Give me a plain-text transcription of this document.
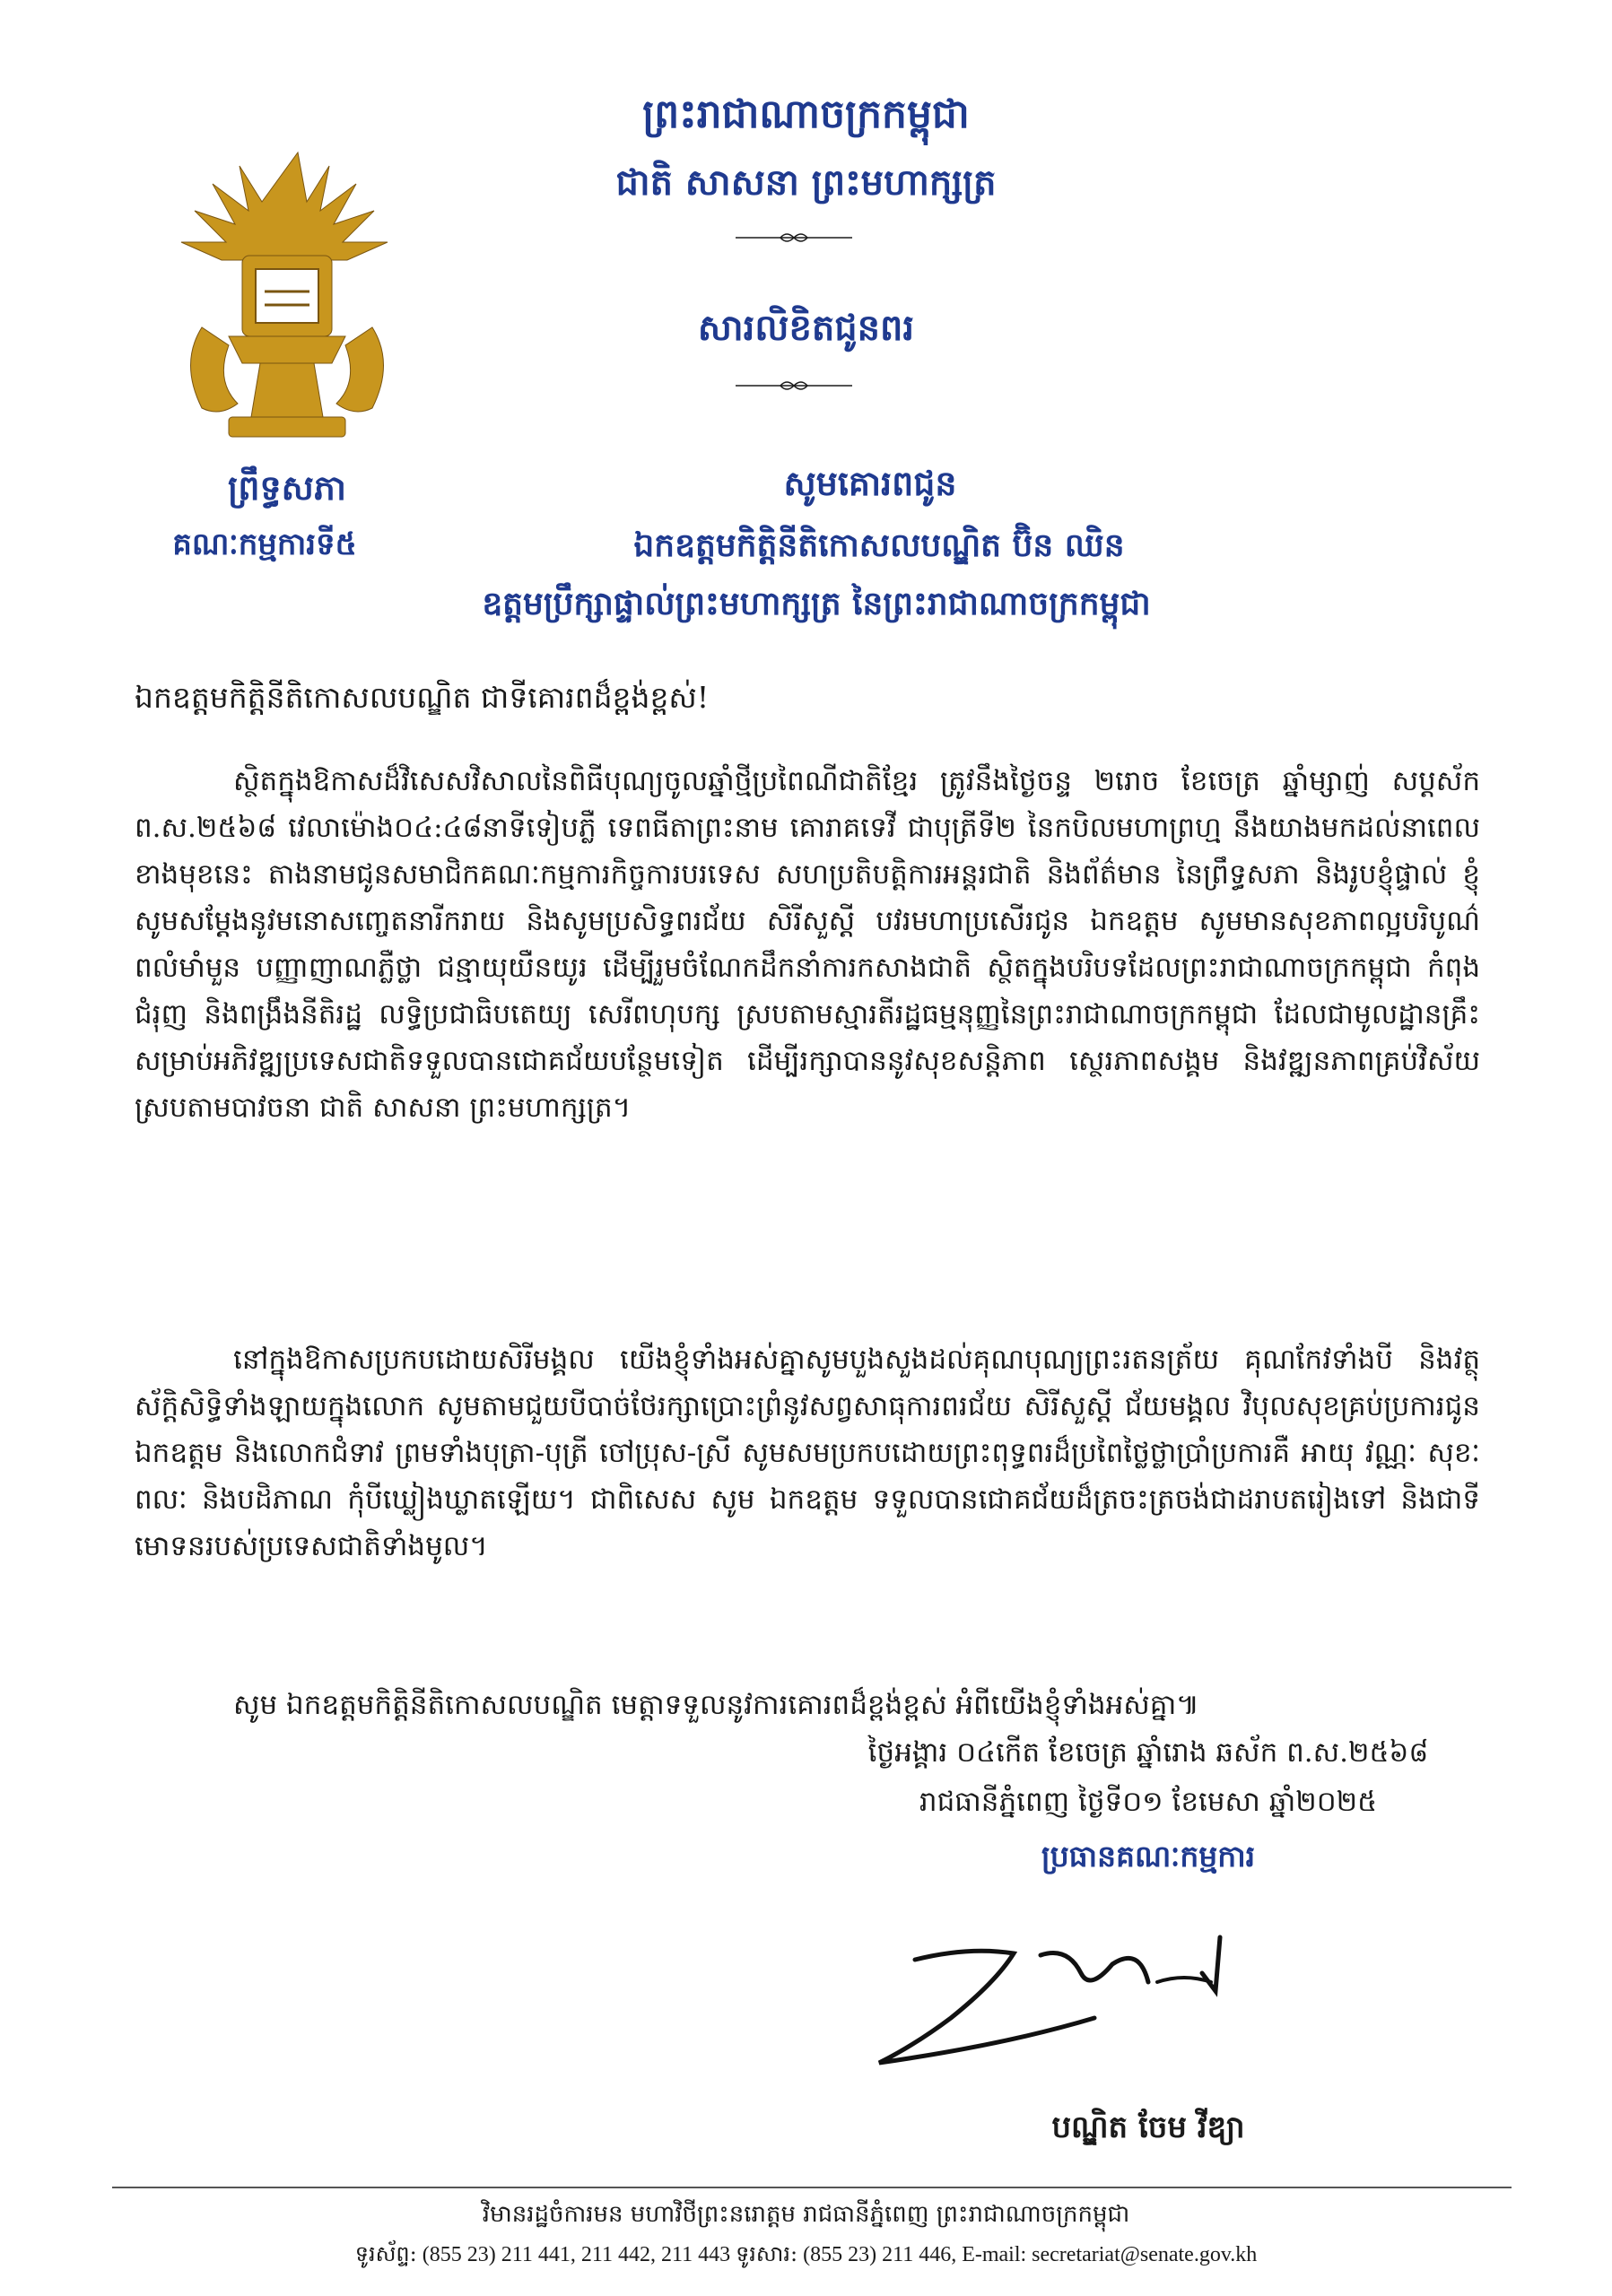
ព្រះរាជាណាចក្រកម្ពុជា
ជាតិ សាសនា ព្រះមហាក្សត្រ
សារលិខិតជូនពរ
ព្រឹទ្ធសភា
គណៈកម្មការទី៥
សូមគោរពជូន
ឯកឧត្តមកិត្តិនីតិកោសលបណ្ឌិត ប៊ិន ឈិន
ឧត្តមប្រឹក្សាផ្ទាល់ព្រះមហាក្សត្រ នៃព្រះរាជាណាចក្រកម្ពុជា
ឯកឧត្តមកិត្តិនីតិកោសលបណ្ឌិត ជាទីគោរពដ៏ខ្ពង់ខ្ពស់!
ស្ថិតក្នុងឱកាសដ៏វិសេសវិសាលនៃពិធីបុណ្យចូលឆ្នាំថ្មីប្រពៃណីជាតិខ្មែរ ត្រូវនឹងថ្ងៃចន្ទ ២រោច ខែចេត្រ ឆ្នាំម្សាញ់ សប្តស័ក ព.ស.២៥៦៨ វេលាម៉ោង០៤:៤៨នាទីទៀបភ្លឺ ទេពធីតាព្រះនាម គោរាគទេវី ជាបុត្រីទី២ នៃកបិលមហាព្រហ្ម នឹងយាងមកដល់នាពេលខាងមុខនេះ តាងនាមជូនសមាជិកគណៈកម្មការកិច្ចការបរទេស សហប្រតិបត្តិការអន្តរជាតិ និងព័ត៌មាន នៃព្រឹទ្ធសភា និងរូបខ្ញុំផ្ទាល់ ខ្ញុំសូមសម្តែងនូវមនោសញ្ចេតនារីករាយ និងសូមប្រសិទ្ធពរជ័យ សិរីសួស្តី បវរមហាប្រសើរជូន ឯកឧត្តម សូមមានសុខភាពល្អបរិបូណ៌ ពលំមាំមួន បញ្ញាញាណភ្លឺថ្លា ជន្មាយុយឺនយូរ ដើម្បីរួមចំណែកដឹកនាំការកសាងជាតិ ស្ថិតក្នុងបរិបទដែលព្រះរាជាណាចក្រកម្ពុជា កំពុងជំរុញ និងពង្រឹងនីតិរដ្ឋ លទ្ធិប្រជាធិបតេយ្យ សេរីពហុបក្ស ស្របតាមស្មារតីរដ្ឋធម្មនុញ្ញនៃព្រះរាជាណាចក្រកម្ពុជា ដែលជាមូលដ្ឋានគ្រឹះសម្រាប់អភិវឌ្ឍប្រទេសជាតិទទួលបានជោគជ័យបន្ថែមទៀត ដើម្បីរក្សាបាននូវសុខសន្តិភាព ស្ថេរភាពសង្គម និងវឌ្ឍនភាពគ្រប់វិស័យ ស្របតាមបាវចនា ជាតិ សាសនា ព្រះមហាក្សត្រ។
នៅក្នុងឱកាសប្រកបដោយសិរីមង្គល យើងខ្ញុំទាំងអស់គ្នាសូមបួងសួងដល់គុណបុណ្យព្រះរតនត្រ័យ គុណកែវទាំងបី និងវត្ថុស័ក្តិសិទ្ធិទាំងឡាយក្នុងលោក សូមតាមជួយបីបាច់ថែរក្សាប្រោះព្រំនូវសព្វសាធុការពរជ័យ សិរីសួស្តី ជ័យមង្គល វិបុលសុខគ្រប់ប្រការជូន ឯកឧត្តម និងលោកជំទាវ ព្រមទាំងបុត្រា-បុត្រី ចៅប្រុស-ស្រី សូមសមប្រកបដោយព្រះពុទ្ធពរដ៏ប្រពៃថ្លៃថ្លាប្រាំប្រការគឺ អាយុ វណ្ណៈ សុខៈ ពលៈ និងបដិភាណ កុំបីឃ្លៀងឃ្លាតឡើយ។ ជាពិសេស សូម ឯកឧត្តម ទទួលបានជោគជ័យដ៏ត្រចះត្រចង់ជាដរាបតរៀងទៅ និងជាទីមោទនរបស់ប្រទេសជាតិទាំងមូល។
សូម ឯកឧត្តមកិត្តិនីតិកោសលបណ្ឌិត មេត្តាទទួលនូវការគោរពដ៏ខ្ពង់ខ្ពស់ អំពីយើងខ្ញុំទាំងអស់គ្នា៕
ថ្ងៃអង្គារ ០៤កើត ខែចេត្រ ឆ្នាំរោង ឆស័ក ព.ស.២៥៦៨
រាជធានីភ្នំពេញ ថ្ងៃទី០១ ខែមេសា ឆ្នាំ២០២៥
ប្រធានគណៈកម្មការ
បណ្ឌិត ចែម វីឌ្យា
វិមានរដ្ឋចំការមន មហាវិថីព្រះនរោត្តម រាជធានីភ្នំពេញ ព្រះរាជាណាចក្រកម្ពុជា
ទូរស័ព្ទ: (855 23) 211 441, 211 442, 211 443 ទូរសារ: (855 23) 211 446, E-mail: secretariat@senate.gov.kh
